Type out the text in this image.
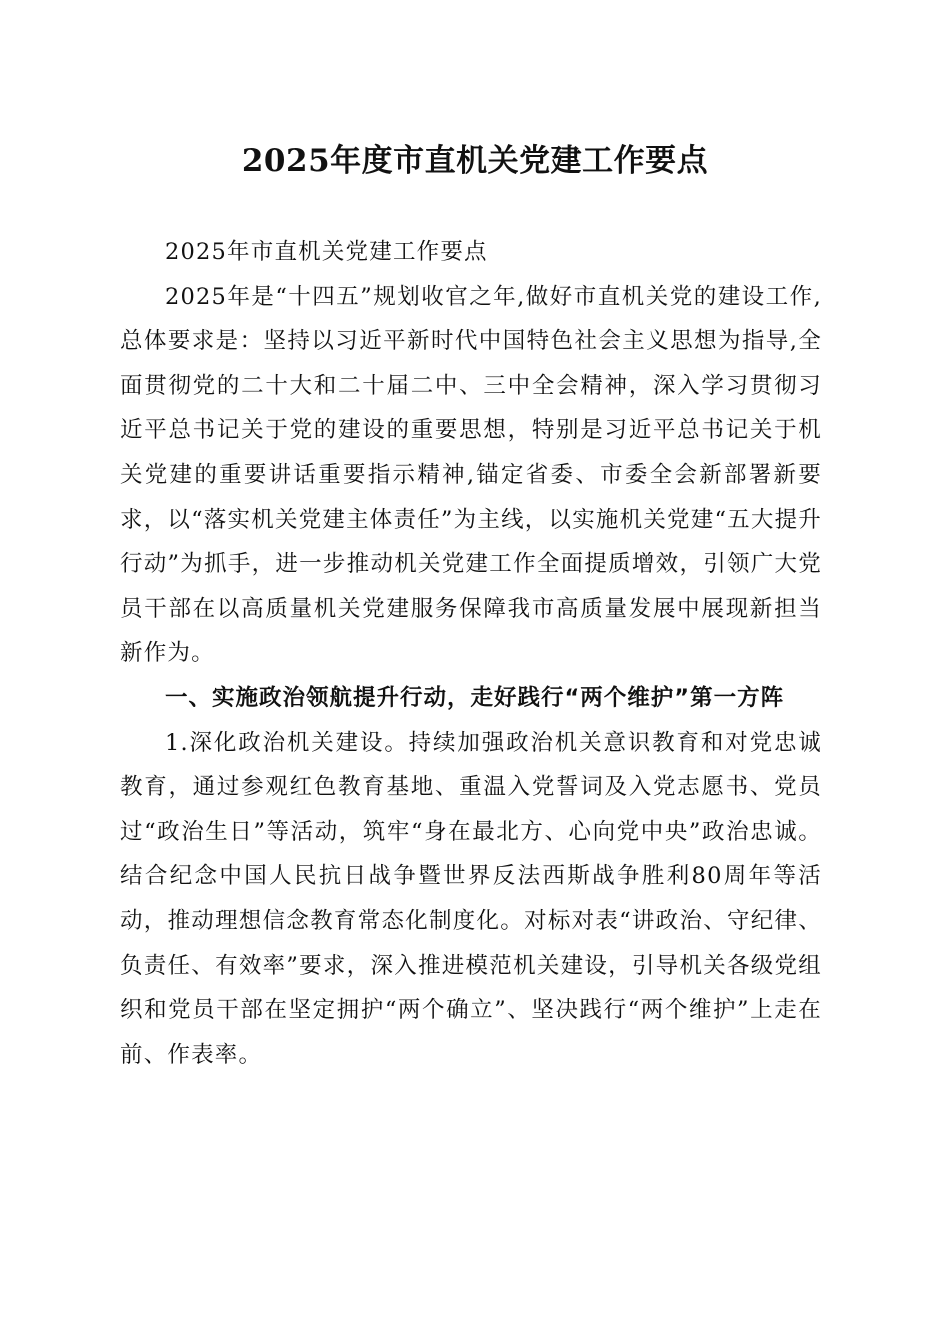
2025年度市直机关党建工作要点

2025年市直机关党建工作要点

2025年是“十四五”规划收官之年,做好市直机关党的建设工作,总体要求是：坚持以习近平新时代中国特色社会主义思想为指导,全面贯彻党的二十大和二十届二中、三中全会精神，深入学习贯彻习近平总书记关于党的建设的重要思想，特别是习近平总书记关于机关党建的重要讲话重要指示精神,锚定省委、市委全会新部署新要求，以“落实机关党建主体责任”为主线，以实施机关党建“五大提升行动”为抓手，进一步推动机关党建工作全面提质增效，引领广大党员干部在以高质量机关党建服务保障我市高质量发展中展现新担当新作为。

一、实施政治领航提升行动，走好践行“两个维护”第一方阵

1.深化政治机关建设。持续加强政治机关意识教育和对党忠诚教育，通过参观红色教育基地、重温入党誓词及入党志愿书、党员过“政治生日”等活动，筑牢“身在最北方、心向党中央”政治忠诚。结合纪念中国人民抗日战争暨世界反法西斯战争胜利80周年等活动，推动理想信念教育常态化制度化。对标对表“讲政治、守纪律、负责任、有效率”要求，深入推进模范机关建设，引导机关各级党组织和党员干部在坚定拥护“两个确立”、坚决践行“两个维护”上走在前、作表率。
